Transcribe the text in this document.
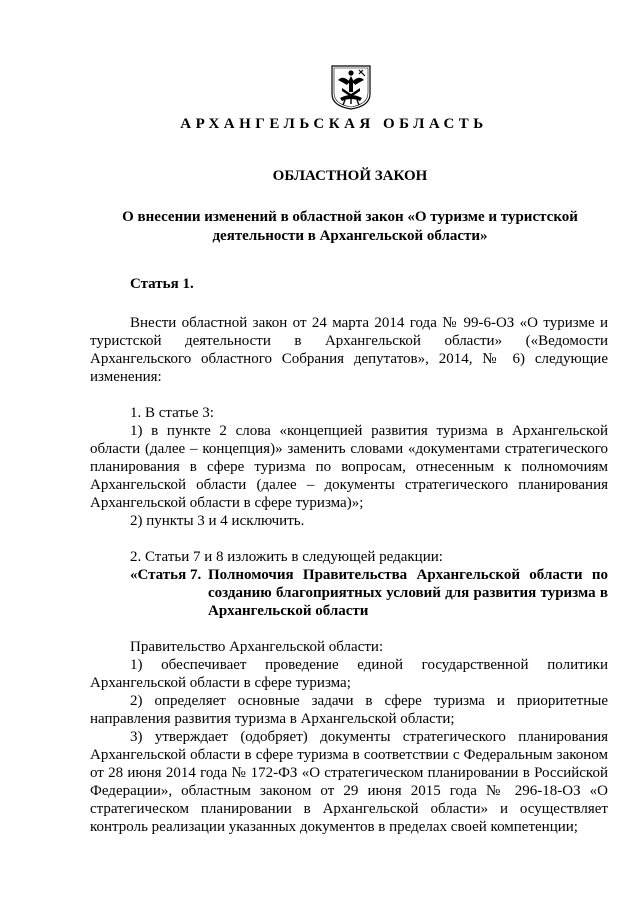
АРХАНГЕЛЬСКАЯ ОБЛАСТЬ
ОБЛАСТНОЙ ЗАКОН
О внесении изменений в областной закон «О туризме и туристской деятельности в Архангельской области»

Статья 1.

Внести областной закон от 24 марта 2014 года № 99-6-ОЗ «О туризме и туристской деятельности в Архангельской области» («Ведомости Архангельского областного Собрания депутатов», 2014, № 6) следующие изменения:

1. В статье 3:

1) в пункте 2 слова «концепцией развития туризма в Архангельской области (далее – концепция)» заменить словами «документами стратегического планирования в сфере туризма по вопросам, отнесенным к полномочиям Архангельской области (далее – документы стратегического планирования Архангельской области в сфере туризма)»;

2) пункты 3 и 4 исключить.

2. Статьи 7 и 8 изложить в следующей редакции:

«Статья 7. Полномочия Правительства Архангельской области по созданию благоприятных условий для развития туризма в Архангельской области

Правительство Архангельской области:

1) обеспечивает проведение единой государственной политики Архангельской области в сфере туризма;

2) определяет основные задачи в сфере туризма и приоритетные направления развития туризма в Архангельской области;

3) утверждает (одобряет) документы стратегического планирования Архангельской области в сфере туризма в соответствии с Федеральным законом от 28 июня 2014 года № 172-ФЗ «О стратегическом планировании в Российской Федерации», областным законом от 29 июня 2015 года № 296-18-ОЗ «О стратегическом планировании в Архангельской области» и осуществляет контроль реализации указанных документов в пределах своей компетенции;
